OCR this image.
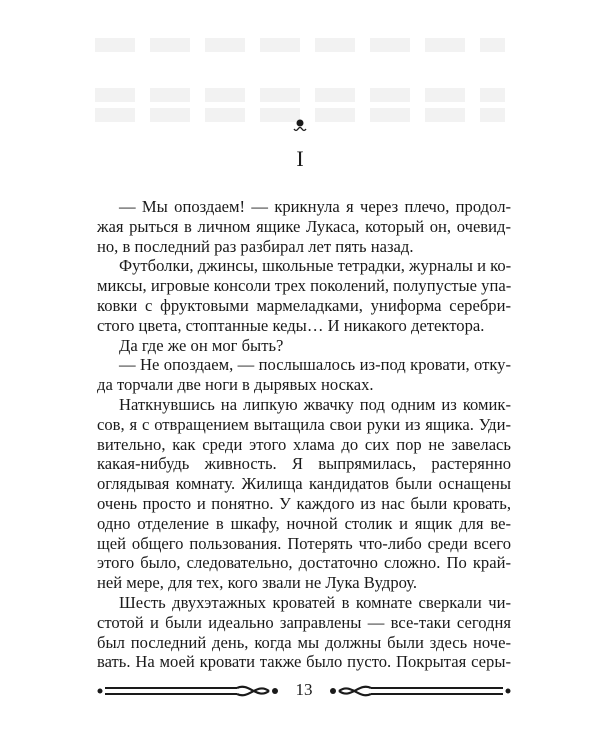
I
— Мы опоздаем! — крикнула я через плечо, продол-
жая рыться в личном ящике Лукаса, который он, очевид-
но, в последний раз разбирал лет пять назад.
Футболки, джинсы, школьные тетрадки, журналы и ко-
миксы, игровые консоли трех поколений, полупустые упа-
ковки с фруктовыми мармеладками, униформа серебри-
стого цвета, стоптанные кеды… И никакого детектора.
Да где же он мог быть?
— Не опоздаем, — послышалось из-под кровати, отку-
да торчали две ноги в дырявых носках.
Наткнувшись на липкую жвачку под одним из комик-
сов, я с отвращением вытащила свои руки из ящика. Уди-
вительно, как среди этого хлама до сих пор не завелась
какая-нибудь живность. Я выпрямилась, растерянно
оглядывая комнату. Жилища кандидатов были оснащены
очень просто и понятно. У каждого из нас были кровать,
одно отделение в шкафу, ночной столик и ящик для ве-
щей общего пользования. Потерять что-либо среди всего
этого было, следовательно, достаточно сложно. По край-
ней мере, для тех, кого звали не Лука Вудроу.
Шесть двухэтажных кроватей в комнате сверкали чи-
стотой и были идеально заправлены — все-таки сегодня
был последний день, когда мы должны были здесь ноче-
вать. На моей кровати также было пусто. Покрытая серы-
13
